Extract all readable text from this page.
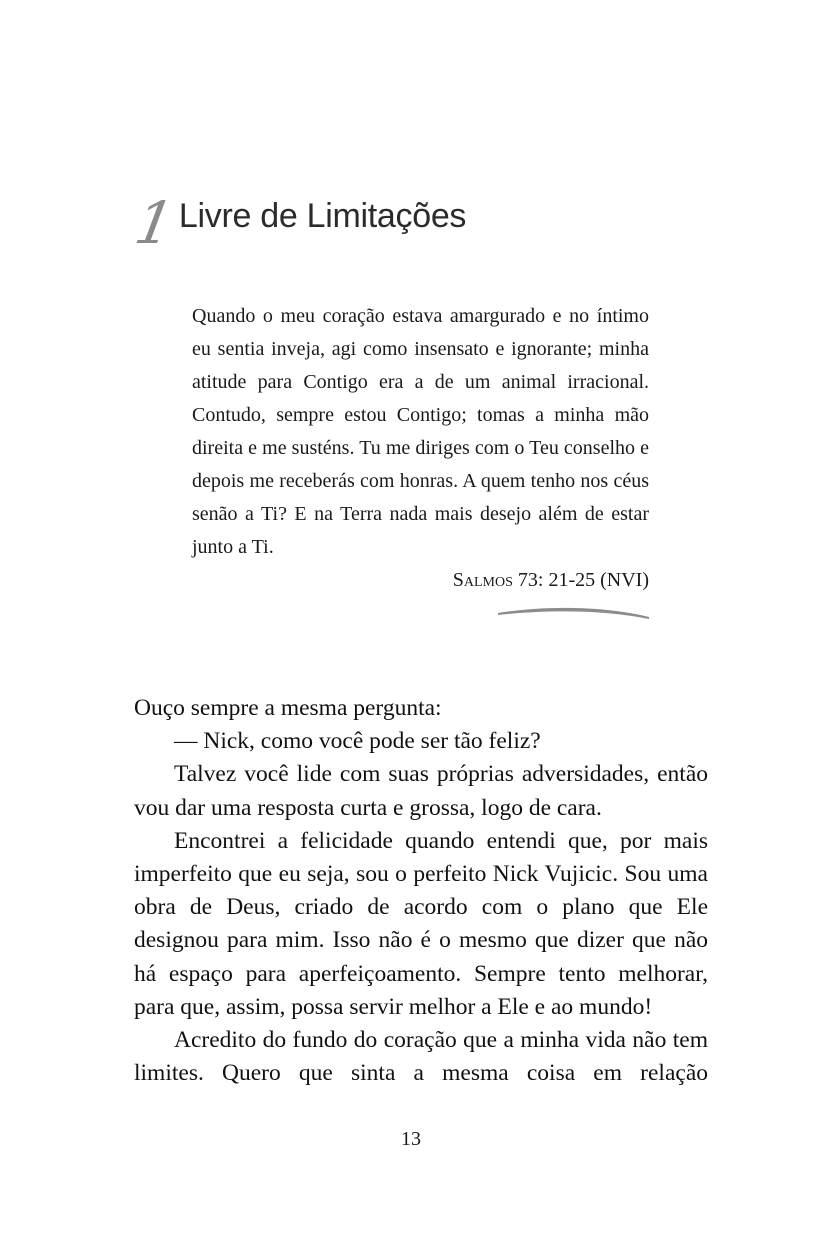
1 Livre de Limitações

Quando o meu coração estava amargurado e no íntimo eu sentia inveja, agi como insensato e ignorante; minha atitude para Contigo era a de um animal irracional. Contudo, sempre estou Contigo; tomas a minha mão direita e me susténs. Tu me diriges com o Teu conselho e depois me receberás com honras. A quem tenho nos céus senão a Ti? E na Terra nada mais desejo além de estar junto a Ti.

Salmos 73: 21-25 (NVI)

Ouço sempre a mesma pergunta:

— Nick, como você pode ser tão feliz?

Talvez você lide com suas próprias adversidades, então vou dar uma resposta curta e grossa, logo de cara.

Encontrei a felicidade quando entendi que, por mais imperfeito que eu seja, sou o perfeito Nick Vujicic. Sou uma obra de Deus, criado de acordo com o plano que Ele designou para mim. Isso não é o mesmo que dizer que não há espaço para aperfeiçoamento. Sempre tento melhorar, para que, assim, possa servir melhor a Ele e ao mundo!

Acredito do fundo do coração que a minha vida não tem limites. Quero que sinta a mesma coisa em relação

13
